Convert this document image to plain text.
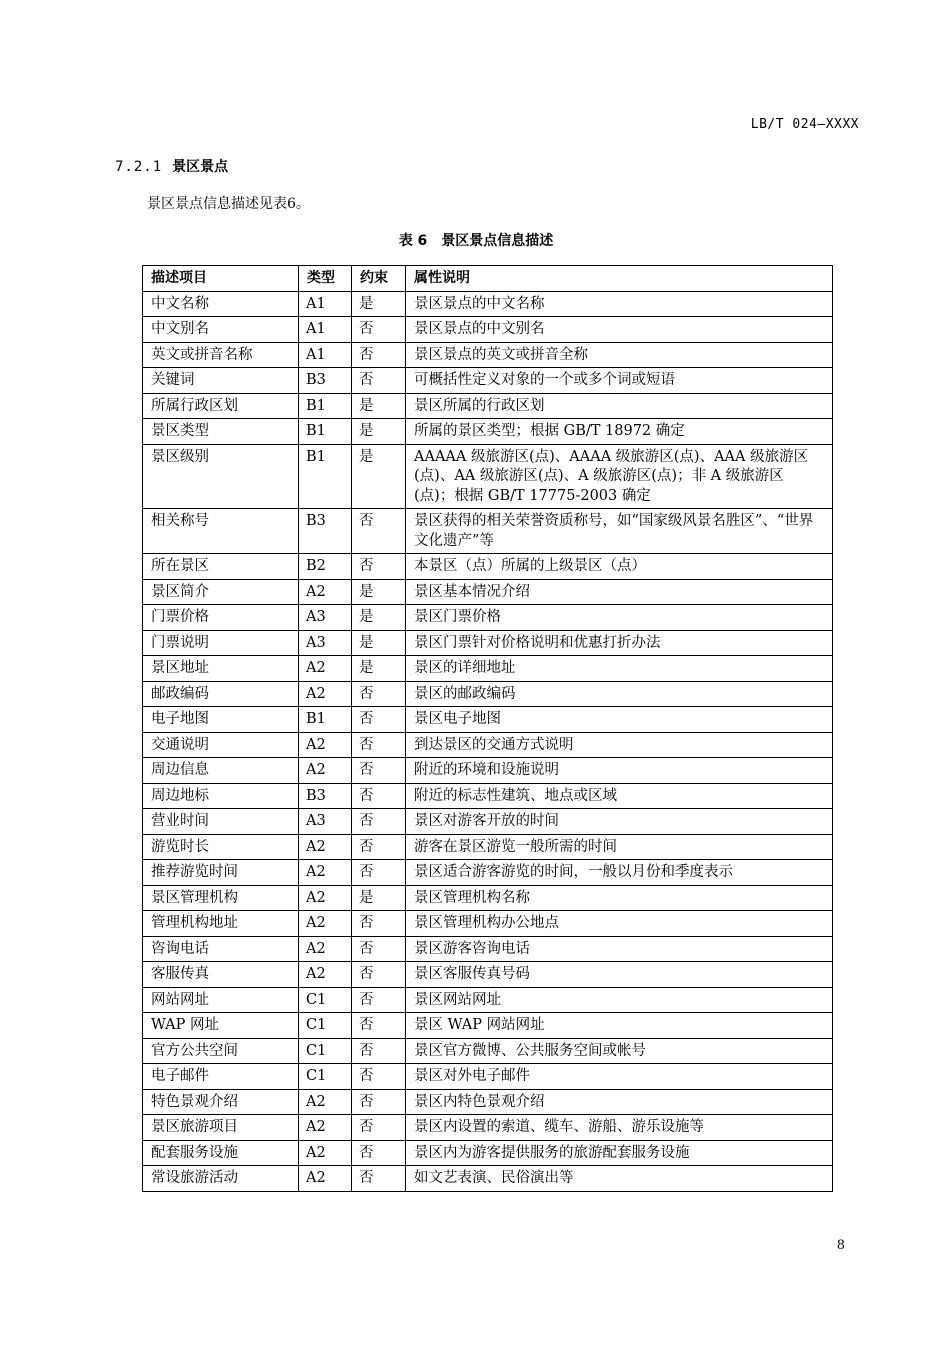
LB/T 024—XXXX
7.2.1 景区景点
景区景点信息描述见表6。
表 6 景区景点信息描述
描述项目	类型	约束	属性说明
中文名称	A1	是	景区景点的中文名称
中文别名	A1	否	景区景点的中文别名
英文或拼音名称	A1	否	景区景点的英文或拼音全称
关键词	B3	否	可概括性定义对象的一个或多个词或短语
所属行政区划	B1	是	景区所属的行政区划
景区类型	B1	是	所属的景区类型；根据 GB/T 18972 确定
景区级别	B1	是	AAAAA 级旅游区(点)、AAAA 级旅游区(点)、AAA 级旅游区(点)、AA 级旅游区(点)、A 级旅游区(点)；非 A 级旅游区(点)；根据 GB/T 17775-2003 确定
相关称号	B3	否	景区获得的相关荣誉资质称号，如“国家级风景名胜区”、“世界文化遗产”等
所在景区	B2	否	本景区（点）所属的上级景区（点）
景区简介	A2	是	景区基本情况介绍
门票价格	A3	是	景区门票价格
门票说明	A3	是	景区门票针对价格说明和优惠打折办法
景区地址	A2	是	景区的详细地址
邮政编码	A2	否	景区的邮政编码
电子地图	B1	否	景区电子地图
交通说明	A2	否	到达景区的交通方式说明
周边信息	A2	否	附近的环境和设施说明
周边地标	B3	否	附近的标志性建筑、地点或区域
营业时间	A3	否	景区对游客开放的时间
游览时长	A2	否	游客在景区游览一般所需的时间
推荐游览时间	A2	否	景区适合游客游览的时间，一般以月份和季度表示
景区管理机构	A2	是	景区管理机构名称
管理机构地址	A2	否	景区管理机构办公地点
咨询电话	A2	否	景区游客咨询电话
客服传真	A2	否	景区客服传真号码
网站网址	C1	否	景区网站网址
WAP 网址	C1	否	景区 WAP 网站网址
官方公共空间	C1	否	景区官方微博、公共服务空间或帐号
电子邮件	C1	否	景区对外电子邮件
特色景观介绍	A2	否	景区内特色景观介绍
景区旅游项目	A2	否	景区内设置的索道、缆车、游船、游乐设施等
配套服务设施	A2	否	景区内为游客提供服务的旅游配套服务设施
常设旅游活动	A2	否	如文艺表演、民俗演出等
8
